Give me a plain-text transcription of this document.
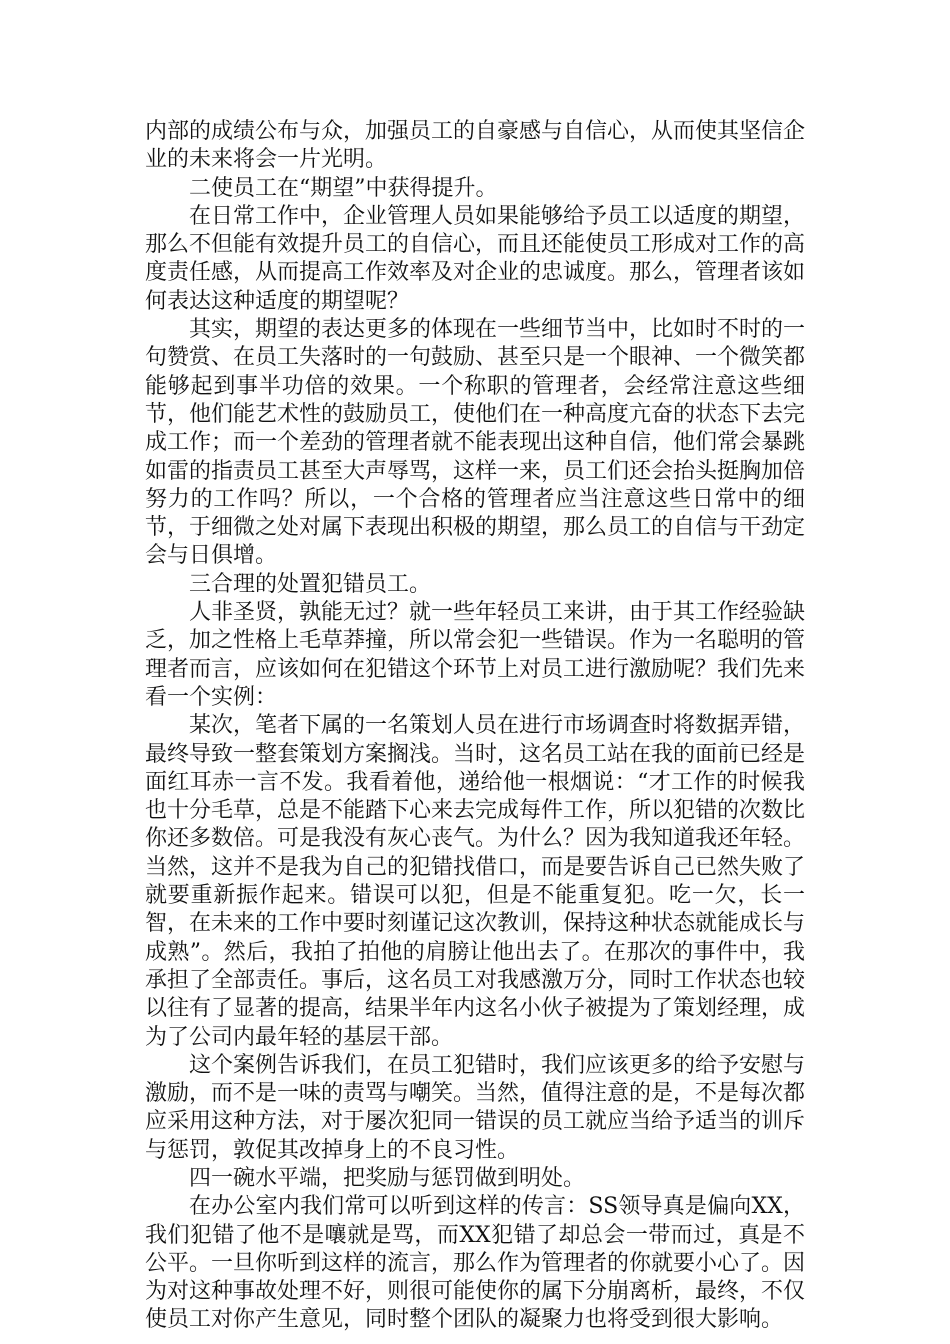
内部的成绩公布与众，加强员工的自豪感与自信心，从而使其坚信企业的未来将会一片光明。

二使员工在“期望”中获得提升。

在日常工作中，企业管理人员如果能够给予员工以适度的期望，那么不但能有效提升员工的自信心，而且还能使员工形成对工作的高度责任感，从而提高工作效率及对企业的忠诚度。那么，管理者该如何表达这种适度的期望呢？

其实，期望的表达更多的体现在一些细节当中，比如时不时的一句赞赏、在员工失落时的一句鼓励、甚至只是一个眼神、一个微笑都能够起到事半功倍的效果。一个称职的管理者，会经常注意这些细节，他们能艺术性的鼓励员工，使他们在一种高度亢奋的状态下去完成工作；而一个差劲的管理者就不能表现出这种自信，他们常会暴跳如雷的指责员工甚至大声辱骂，这样一来，员工们还会抬头挺胸加倍努力的工作吗？所以，一个合格的管理者应当注意这些日常中的细节，于细微之处对属下表现出积极的期望，那么员工的自信与干劲定会与日俱增。

三合理的处置犯错员工。

人非圣贤，孰能无过？就一些年轻员工来讲，由于其工作经验缺乏，加之性格上毛草莽撞，所以常会犯一些错误。作为一名聪明的管理者而言，应该如何在犯错这个环节上对员工进行激励呢？我们先来看一个实例：

某次，笔者下属的一名策划人员在进行市场调查时将数据弄错，最终导致一整套策划方案搁浅。当时，这名员工站在我的面前已经是面红耳赤一言不发。我看着他，递给他一根烟说：“才工作的时候我也十分毛草，总是不能踏下心来去完成每件工作，所以犯错的次数比你还多数倍。可是我没有灰心丧气。为什么？因为我知道我还年轻。当然，这并不是我为自己的犯错找借口，而是要告诉自己已然失败了就要重新振作起来。错误可以犯，但是不能重复犯。吃一欠，长一智，在未来的工作中要时刻谨记这次教训，保持这种状态就能成长与成熟”。然后，我拍了拍他的肩膀让他出去了。在那次的事件中，我承担了全部责任。事后，这名员工对我感激万分，同时工作状态也较以往有了显著的提高，结果半年内这名小伙子被提为了策划经理，成为了公司内最年轻的基层干部。

这个案例告诉我们，在员工犯错时，我们应该更多的给予安慰与激励，而不是一味的责骂与嘲笑。当然，值得注意的是，不是每次都应采用这种方法，对于屡次犯同一错误的员工就应当给予适当的训斥与惩罚，敦促其改掉身上的不良习性。

四一碗水平端，把奖励与惩罚做到明处。

在办公室内我们常可以听到这样的传言：SS领导真是偏向XX，我们犯错了他不是嚷就是骂，而XX犯错了却总会一带而过，真是不公平。一旦你听到这样的流言，那么作为管理者的你就要小心了。因为对这种事故处理不好，则很可能使你的属下分崩离析，最终，不仅使员工对你产生意见，同时整个团队的凝聚力也将受到很大影响。
